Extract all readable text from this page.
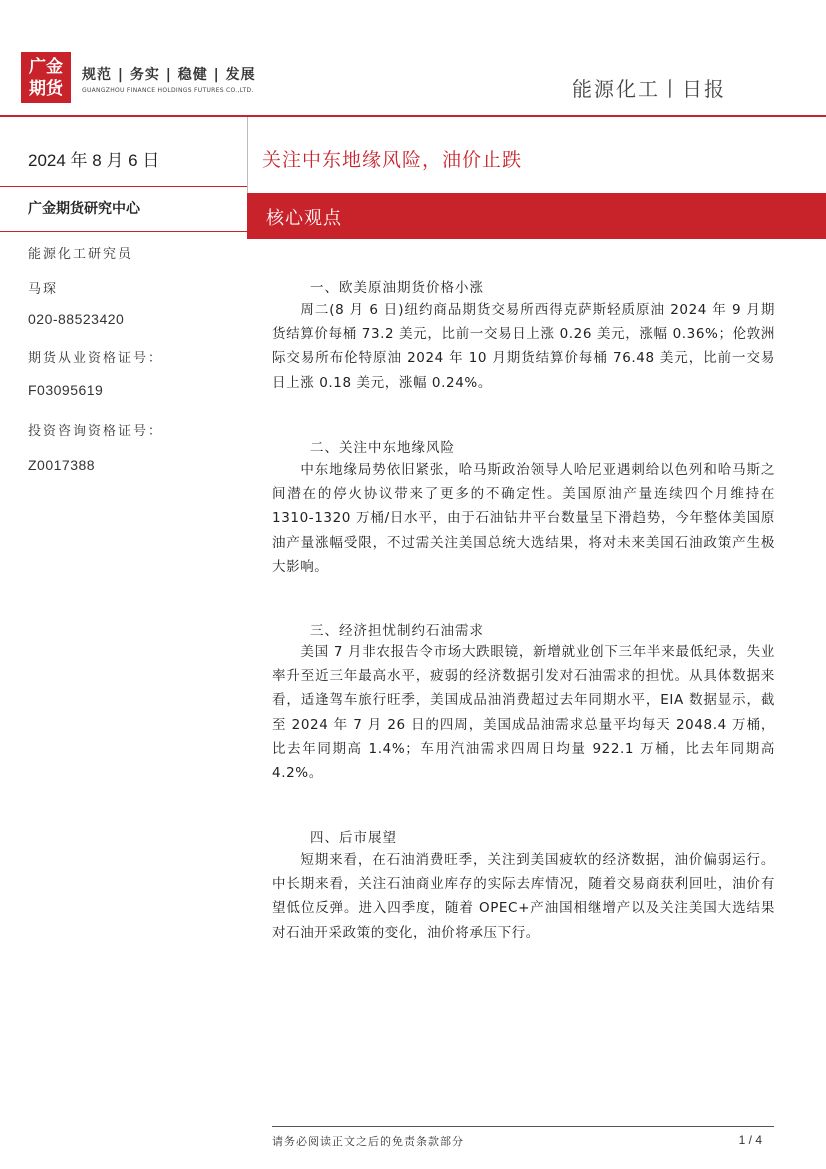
广金
期货
规范 | 务实 | 稳健 | 发展
GUANGZHOU FINANCE HOLDINGS FUTURES CO.,LTD.	能源化工丨日报
2024 年 8 月 6 日
广金期货研究中心
能源化工研究员
马琛
020-88523420
期货从业资格证号：
F03095619
投资咨询资格证号：
Z0017388
关注中东地缘风险，油价止跌
核心观点
一、欧美原油期货价格小涨
周二(8 月 6 日)纽约商品期货交易所西得克萨斯轻质原油 2024 年 9 月期货结算价每桶 73.2 美元，比前一交易日上涨 0.26 美元，涨幅 0.36%；伦敦洲际交易所布伦特原油 2024 年 10 月期货结算价每桶 76.48 美元，比前一交易日上涨 0.18 美元，涨幅 0.24%。
二、关注中东地缘风险
中东地缘局势依旧紧张，哈马斯政治领导人哈尼亚遇刺给以色列和哈马斯之间潜在的停火协议带来了更多的不确定性。美国原油产量连续四个月维持在 1310-1320 万桶/日水平，由于石油钻井平台数量呈下滑趋势，今年整体美国原油产量涨幅受限，不过需关注美国总统大选结果，将对未来美国石油政策产生极大影响。
三、经济担忧制约石油需求
美国 7 月非农报告令市场大跌眼镜，新增就业创下三年半来最低纪录，失业率升至近三年最高水平，疲弱的经济数据引发对石油需求的担忧。从具体数据来看，适逢驾车旅行旺季，美国成品油消费超过去年同期水平，EIA 数据显示，截至 2024 年 7 月 26 日的四周，美国成品油需求总量平均每天 2048.4 万桶，比去年同期高 1.4%；车用汽油需求四周日均量 922.1 万桶，比去年同期高 4.2%。
四、后市展望
短期来看，在石油消费旺季，关注到美国疲软的经济数据，油价偏弱运行。中长期来看，关注石油商业库存的实际去库情况，随着交易商获利回吐，油价有望低位反弹。进入四季度，随着 OPEC+产油国相继增产以及关注美国大选结果对石油开采政策的变化，油价将承压下行。
请务必阅读正文之后的免责条款部分	1 / 4
